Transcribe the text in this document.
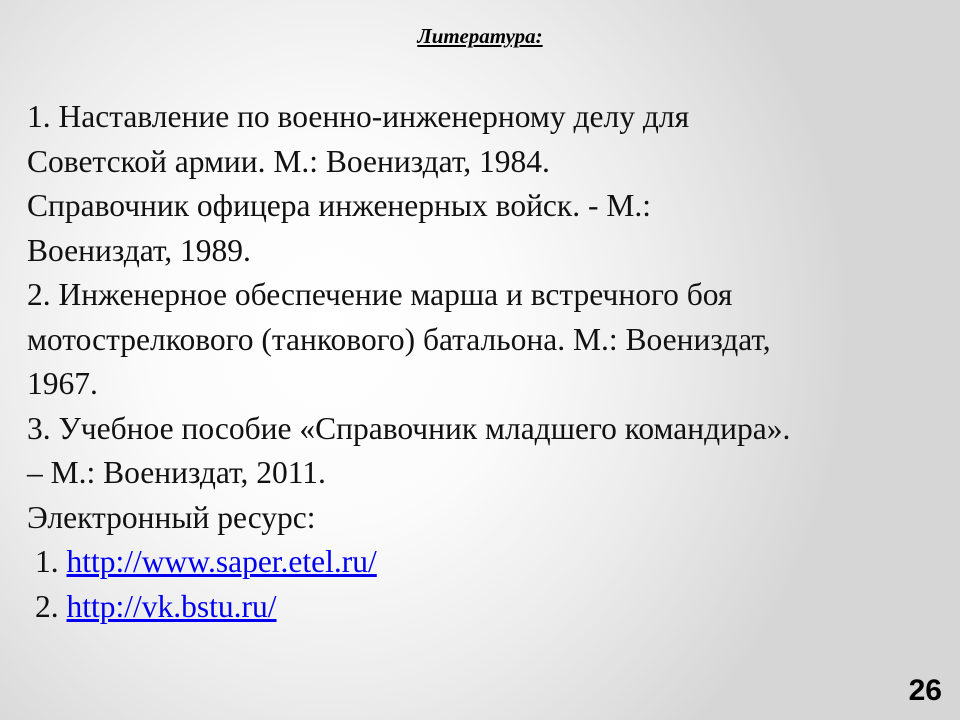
Литература:
1. Наставление по военно-инженерному делу для
Советской армии. М.: Воениздат, 1984.
Справочник офицера инженерных войск. - М.:
Воениздат, 1989.
2. Инженерное обеспечение марша и встречного боя
мотострелкового (танкового) батальона. М.: Воениздат,
1967.
3. Учебное пособие «Справочник младшего командира».
– М.: Воениздат, 2011.
Электронный ресурс:
1. http://www.saper.etel.ru/
2. http://vk.bstu.ru/
26
